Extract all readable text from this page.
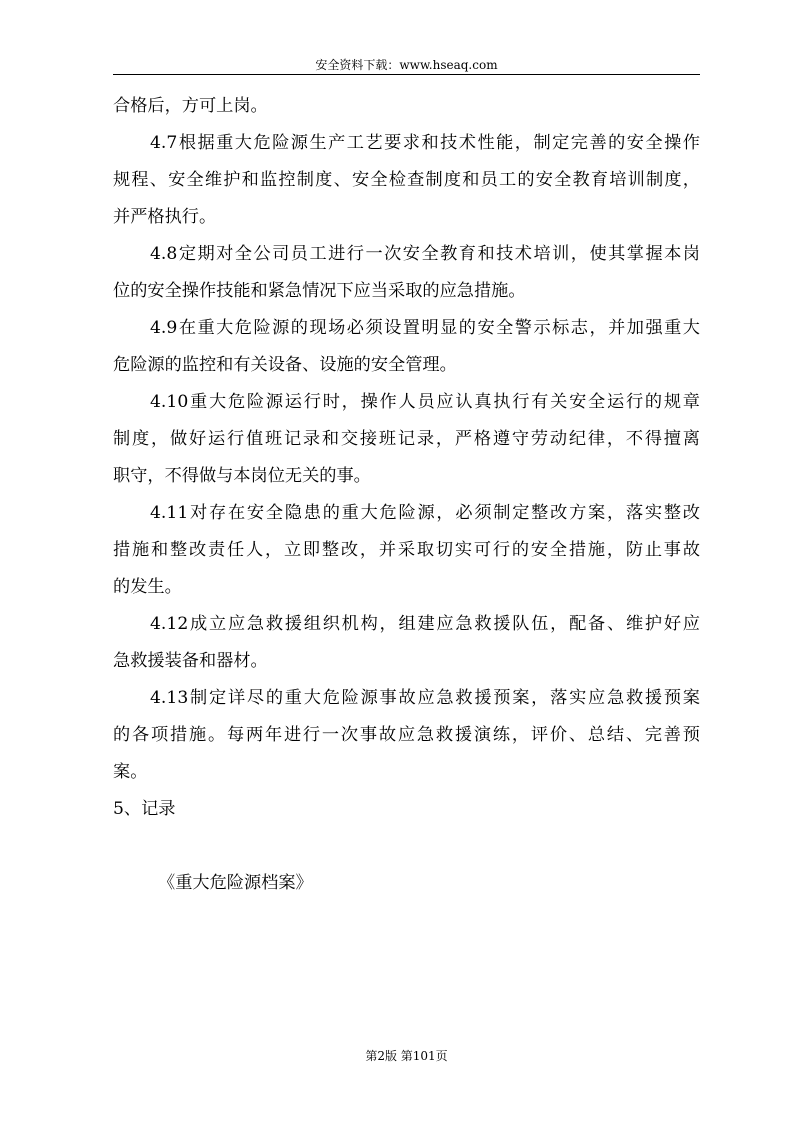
安全资料下载：www.hseaq.com
合格后，方可上岗。
4.7根据重大危险源生产工艺要求和技术性能，制定完善的安全操作
规程、安全维护和监控制度、安全检查制度和员工的安全教育培训制度，
并严格执行。
4.8定期对全公司员工进行一次安全教育和技术培训，使其掌握本岗
位的安全操作技能和紧急情况下应当采取的应急措施。
4.9在重大危险源的现场必须设置明显的安全警示标志，并加强重大
危险源的监控和有关设备、设施的安全管理。
4.10重大危险源运行时，操作人员应认真执行有关安全运行的规章
制度，做好运行值班记录和交接班记录，严格遵守劳动纪律，不得擅离
职守，不得做与本岗位无关的事。
4.11对存在安全隐患的重大危险源，必须制定整改方案，落实整改
措施和整改责任人，立即整改，并采取切实可行的安全措施，防止事故
的发生。
4.12成立应急救援组织机构，组建应急救援队伍，配备、维护好应
急救援装备和器材。
4.13制定详尽的重大危险源事故应急救援预案，落实应急救援预案
的各项措施。每两年进行一次事故应急救援演练，评价、总结、完善预
案。
5、记录
《重大危险源档案》
第2版 第101页
